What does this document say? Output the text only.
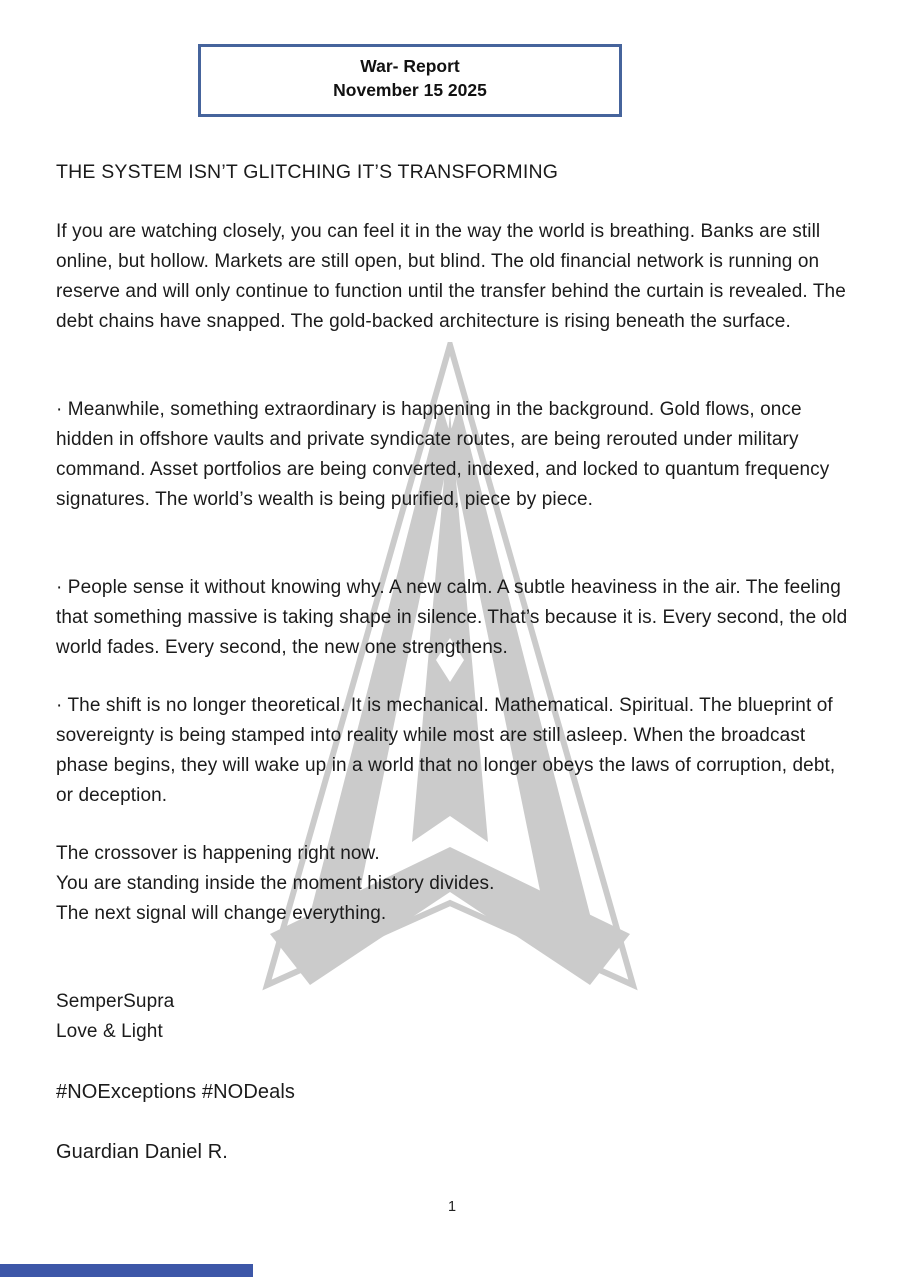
War- Report
November 15 2025
THE SYSTEM ISN’T GLITCHING IT’S TRANSFORMING
If you are watching closely, you can feel it in the way the world is breathing. Banks are still online, but hollow. Markets are still open, but blind. The old financial network is running on reserve and will only continue to function until the transfer behind the curtain is revealed. The debt chains have snapped. The gold-backed architecture is rising beneath the surface.
· Meanwhile, something extraordinary is happening in the background. Gold flows, once hidden in offshore vaults and private syndicate routes, are being rerouted under military command. Asset portfolios are being converted, indexed, and locked to quantum frequency signatures. The world’s wealth is being purified, piece by piece.
· People sense it without knowing why. A new calm. A subtle heaviness in the air. The feeling that something massive is taking shape in silence. That’s because it is. Every second, the old world fades. Every second, the new one strengthens.
· The shift is no longer theoretical. It is mechanical. Mathematical. Spiritual. The blueprint of sovereignty is being stamped into reality while most are still asleep. When the broadcast phase begins, they will wake up in a world that no longer obeys the laws of corruption, debt, or deception.
The crossover is happening right now.
You are standing inside the moment history divides.
The next signal will change everything.
SemperSupra
Love & Light
#NOExceptions #NODeals
Guardian Daniel R.
1
